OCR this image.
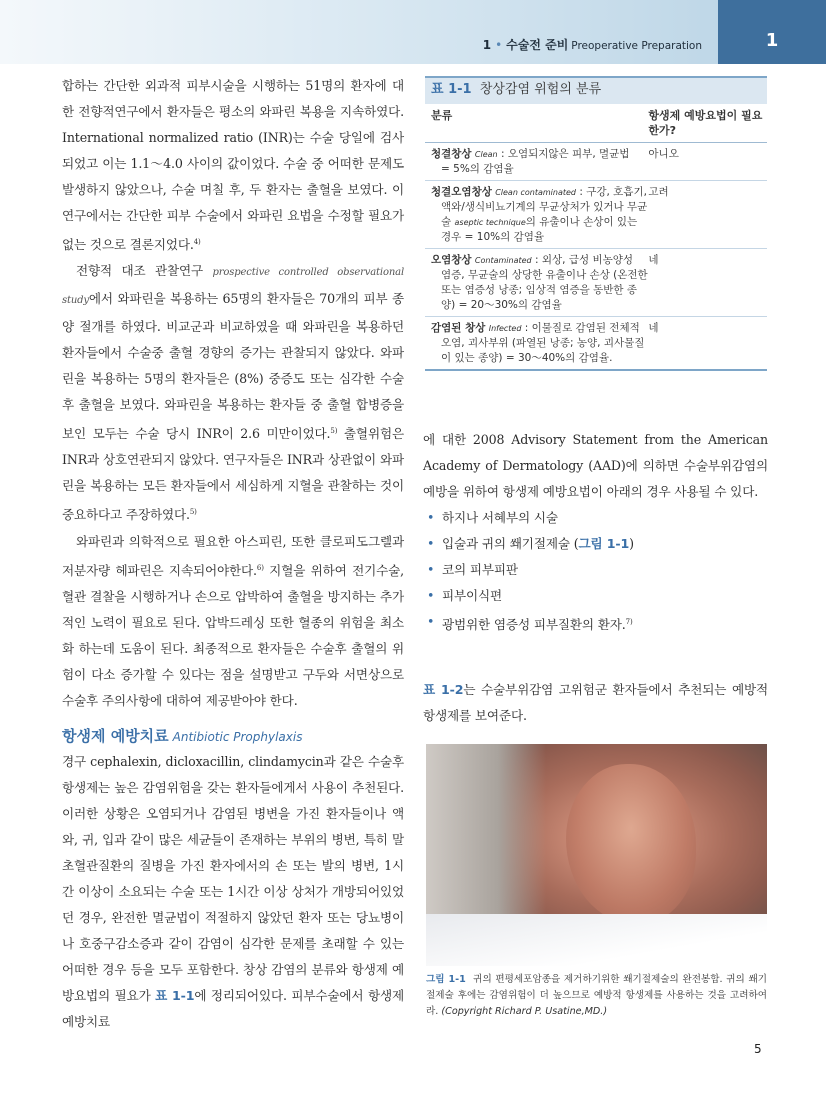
1 • 수술전 준비 Preoperative Preparation	1

합하는 간단한 외과적 피부시술을 시행하는 51명의 환자에 대한 전향적연구에서 환자들은 평소의 와파린 복용을 지속하였다. International normalized ratio (INR)는 수술 당일에 검사되었고 이는 1.1～4.0 사이의 값이었다. 수술 중 어떠한 문제도 발생하지 않았으나, 수술 며칠 후, 두 환자는 출혈을 보였다. 이 연구에서는 간단한 피부 수술에서 와파린 요법을 수정할 필요가 없는 것으로 결론지었다.$^{4)}$

전향적 대조 관찰연구 prospective controlled observational study에서 와파린을 복용하는 65명의 환자들은 70개의 피부 종양 절개를 하였다. 비교군과 비교하였을 때 와파린을 복용하던 환자들에서 수술중 출혈 경향의 증가는 관찰되지 않았다. 와파린을 복용하는 5명의 환자들은 (8%) 중증도 또는 심각한 수술후 출혈을 보였다. 와파린을 복용하는 환자들 중 출혈 합병증을 보인 모두는 수술 당시 INR이 2.6 미만이었다.$^{5)}$ 출혈위험은 INR과 상호연관되지 않았다. 연구자들은 INR과 상관없이 와파린을 복용하는 모든 환자들에서 세심하게 지혈을 관찰하는 것이 중요하다고 주장하였다.$^{5)}$

와파린과 의학적으로 필요한 아스피린, 또한 클로피도그렐과 저분자량 헤파린은 지속되어야한다.$^{6)}$ 지혈을 위하여 전기수술, 혈관 결찰을 시행하거나 손으로 압박하여 출혈을 방지하는 추가적인 노력이 필요로 된다. 압박드레싱 또한 혈종의 위험을 최소화 하는데 도움이 된다. 최종적으로 환자들은 수술후 출혈의 위험이 다소 증가할 수 있다는 점을 설명받고 구두와 서면상으로 수술후 주의사항에 대하여 제공받아야 한다.

항생제 예방치료 Antibiotic Prophylaxis

경구 cephalexin, dicloxacillin, clindamycin과 같은 수술후 항생제는 높은 감염위험을 갖는 환자들에게서 사용이 추천된다. 이러한 상황은 오염되거나 감염된 병변을 가진 환자들이나 액와, 귀, 입과 같이 많은 세균들이 존재하는 부위의 병변, 특히 말초혈관질환의 질병을 가진 환자에서의 손 또는 발의 병변, 1시간 이상이 소요되는 수술 또는 1시간 이상 상처가 개방되어있었던 경우, 완전한 멸균법이 적절하지 않았던 환자 또는 당뇨병이나 호중구감소증과 같이 감염이 심각한 문제를 초래할 수 있는 어떠한 경우 등을 모두 포함한다. 창상 감염의 분류와 항생제 예방요법의 필요가 표 1-1에 정리되어있다. 피부수술에서 항생제 예방치료

표 1-1 창상감염 위험의 분류
분류	항생제 예방요법이 필요한가?
청결창상 Clean : 오염되지않은 피부, 멸균법
= 5%의 감염율
아니오
청결오염창상 Clean contaminated : 구강, 호흡기,
액와/생식비뇨기계의 무균상처가 있거나 무균술 aseptic technique의 유출이나 손상이 있는 경우 = 10%의 감염율
고려
오염창상 Contaminated : 외상, 급성 비농양성
염증, 무균술의 상당한 유출이나 손상 (온전한 또는 염증성 낭종; 임상적 염증을 동반한 종양) = 20～30%의 감염율
네
감염된 창상 Infected : 이물질로 감염된 전체적
오염, 괴사부위 (파열된 낭종; 농양, 괴사물질이 있는 종양) = 30～40%의 감염율.
네

에 대한 2008 Advisory Statement from the American Academy of Dermatology (AAD)에 의하면 수술부위감염의 예방을 위하여 항생제 예방요법이 아래의 경우 사용될 수 있다.

• 하지나 서혜부의 시술
• 입술과 귀의 쐐기절제술 (그림 1-1)
• 코의 피부피판
• 피부이식편
• 광범위한 염증성 피부질환의 환자.$^{7)}$

표 1-2는 수술부위감염 고위험군 환자들에서 추천되는 예방적 항생제를 보여준다.

그림 1-1 귀의 편평세포암종을 제거하기위한 쐐기절제술의 완전봉합. 귀의 쐐기절제술 후에는 감염위험이 더 높으므로 예방적 항생제를 사용하는 것을 고려하여라. (Copyright Richard P. Usatine,MD.)
5
